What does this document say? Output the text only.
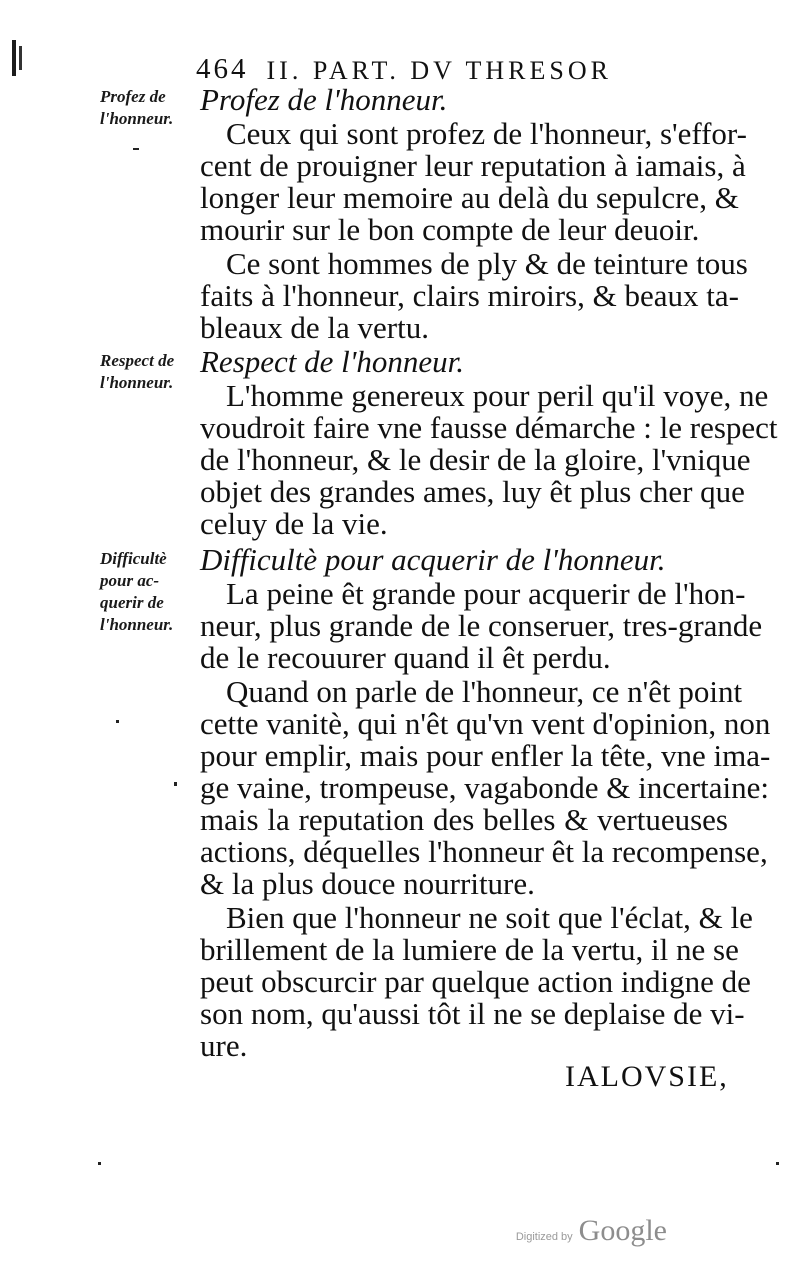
464 II. PART. DV THRESOR
Profez de
l'honneur.
Profez de l'honneur.
Ceux qui sont profez de l'honneur, s'effor-
cent de prouigner leur reputation à iamais, à
longer leur memoire au delà du sepulcre, &
mourir sur le bon compte de leur deuoir.
Ce sont hommes de ply & de teinture tous
faits à l'honneur, clairs miroirs, & beaux ta-
bleaux de la vertu.
Respect de
l'honneur.
Respect de l'honneur.
L'homme genereux pour peril qu'il voye, ne
voudroit faire vne fausse démarche : le respect
de l'honneur, & le desir de la gloire, l'vnique
objet des grandes ames, luy êt plus cher que
celuy de la vie.
Difficultè
pour ac-
querir de
l'honneur.
Difficultè pour acquerir de l'honneur.
La peine êt grande pour acquerir de l'hon-
neur, plus grande de le conseruer, tres-grande
de le recouurer quand il êt perdu.
Quand on parle de l'honneur, ce n'êt point
cette vanitè, qui n'êt qu'vn vent d'opinion, non
pour emplir, mais pour enfler la tête, vne ima-
ge vaine, trompeuse, vagabonde & incertaine:
mais la reputation des belles & vertueuses
actions, déquelles l'honneur êt la recompense,
& la plus douce nourriture.
Bien que l'honneur ne soit que l'éclat, & le
brillement de la lumiere de la vertu, il ne se
peut obscurcir par quelque action indigne de
son nom, qu'aussi tôt il ne se deplaise de vi-
ure.
IALOVSIE,
Digitized by Google
